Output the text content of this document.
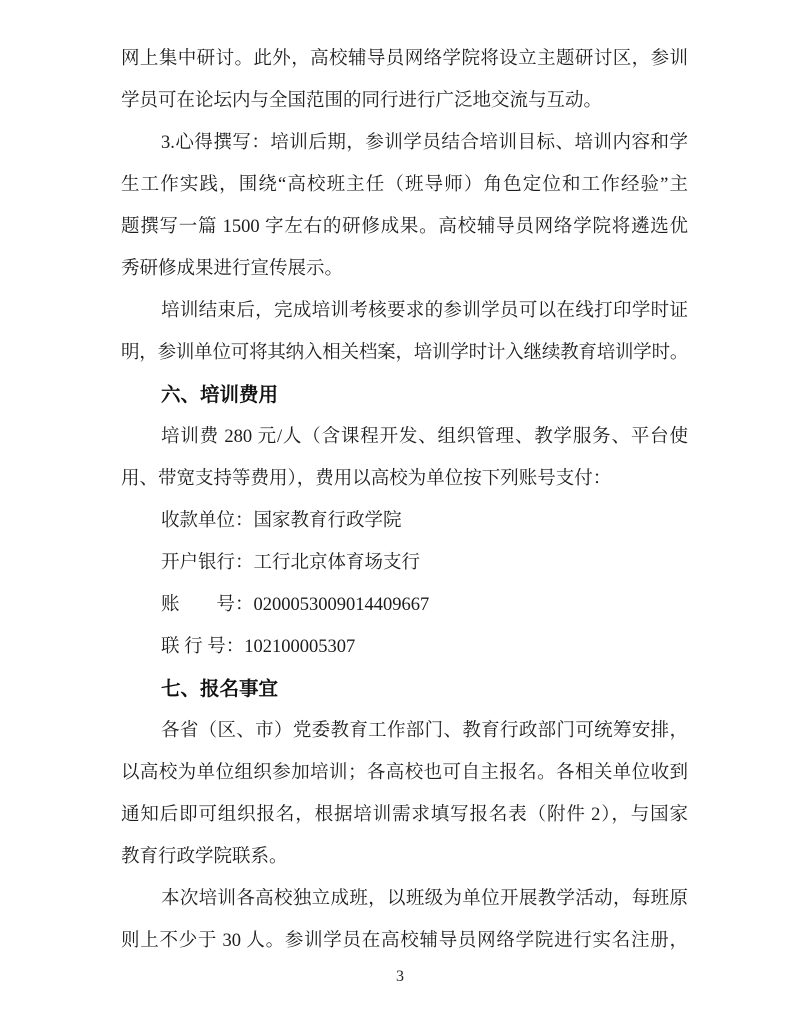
网上集中研讨。此外，高校辅导员网络学院将设立主题研讨区，参训
学员可在论坛内与全国范围的同行进行广泛地交流与互动。
3.心得撰写：培训后期，参训学员结合培训目标、培训内容和学
生工作实践，围绕“高校班主任（班导师）角色定位和工作经验”主
题撰写一篇 1500 字左右的研修成果。高校辅导员网络学院将遴选优
秀研修成果进行宣传展示。
培训结束后，完成培训考核要求的参训学员可以在线打印学时证
明，参训单位可将其纳入相关档案，培训学时计入继续教育培训学时。
六、培训费用
培训费 280 元/人（含课程开发、组织管理、教学服务、平台使
用、带宽支持等费用），费用以高校为单位按下列账号支付：
收款单位：国家教育行政学院
开户银行：工行北京体育场支行
账　　号：0200053009014409667
联 行 号：102100005307
七、报名事宜
各省（区、市）党委教育工作部门、教育行政部门可统筹安排，
以高校为单位组织参加培训；各高校也可自主报名。各相关单位收到
通知后即可组织报名，根据培训需求填写报名表（附件 2），与国家
教育行政学院联系。
本次培训各高校独立成班，以班级为单位开展教学活动，每班原
则上不少于 30 人。参训学员在高校辅导员网络学院进行实名注册，
3
